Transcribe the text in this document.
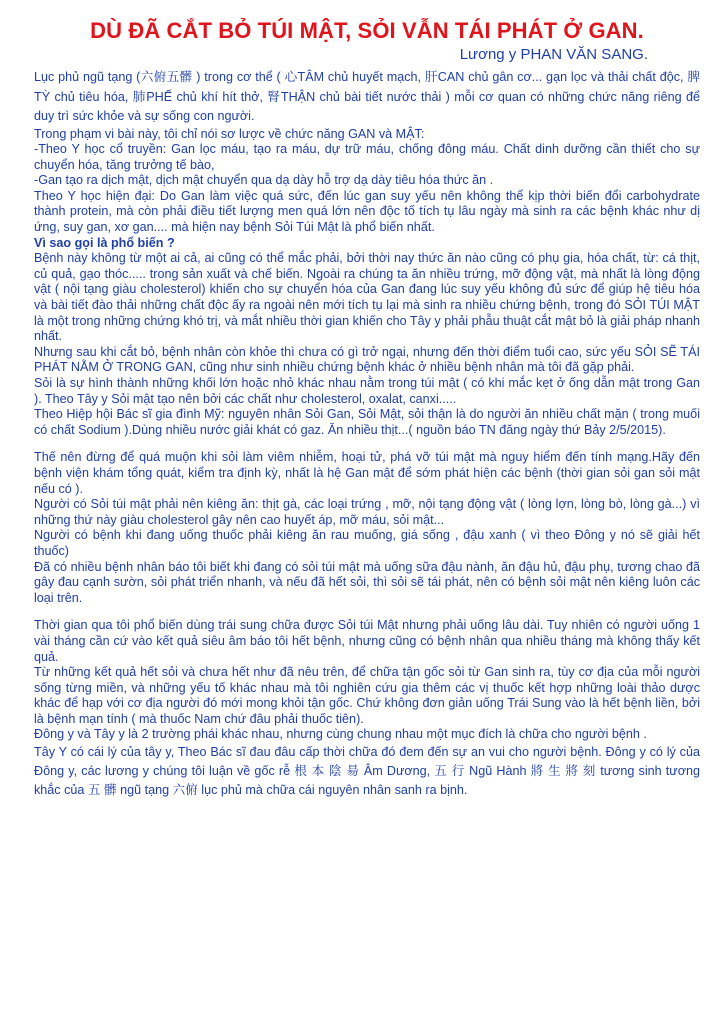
DÙ ĐÃ CẮT BỎ TÚI MẬT, SỎI VẪN TÁI PHÁT Ở GAN.
Lương y PHAN VĂN SANG.

Lục phủ ngũ tạng (六俯五髒 ) trong cơ thể ( 心TÂM chủ huyết mạch, 肝CAN chủ gân cơ... gạn lọc và thải chất độc, 脾TỲ chủ tiêu hóa, 肺PHẾ chủ khí hít thở, 腎THẬN chủ bài tiết nước thải ) mỗi cơ quan có những chức năng riêng để duy trì sức khỏe và sự sống con người.

Trong phạm vi bài này, tôi chỉ nói sơ lược về chức năng GAN và MẬT:

-Theo Y học cổ truyền: Gan lọc máu, tạo ra máu, dự trữ máu, chống đông máu. Chất dinh dưỡng cần thiết cho sự chuyển hóa, tăng trưởng tế bào,

-Gan tạo ra dịch mật, dịch mật chuyển qua dạ dày hỗ trợ dạ dày tiêu hóa thức ăn .

Theo Y học hiện đại: Do Gan làm việc quá sức, đến lúc gan suy yếu nên không thể kịp thời biến đổi carbohydrate thành protein, mà còn phải điều tiết lượng men quá lớn nên độc tố tích tụ lâu ngày mà sinh ra các bệnh khác như dị ứng, suy gan, xơ gan.... mà hiện nay bệnh Sỏi Túi Mật là phổ biến nhất.

Vì sao gọi là phổ biến ?

Bệnh này không từ một ai cả, ai cũng có thể mắc phải, bởi thời nay thức ăn nào cũng có phụ gia, hóa chất, từ: cá thịt, củ quả, gạo thóc..... trong sản xuất và chế biến. Ngoài ra chúng ta ăn nhiều trứng, mỡ động vật, mà nhất là lòng động vật ( nội tạng giàu cholesterol) khiến cho sự chuyển hóa của Gan đang lúc suy yếu không đủ sức để giúp hệ tiêu hóa và bài tiết đào thải những chất độc ấy ra ngoài nên mới tích tụ lại mà sinh ra nhiều chứng bệnh, trong đó SỎI TÚI MẬT là một trong những chứng khó trị, và mắt nhiều thời gian khiến cho Tây y phải phẫu thuật cắt mật bỏ là giải pháp nhanh nhất.

Nhưng sau khi cắt bỏ, bệnh nhân còn khỏe thì chưa có gì trở ngại, nhưng đến thời điểm tuổi cao, sức yếu SỎI SẼ TÁI PHÁT NẰM Ở TRONG GAN, cũng như sinh nhiều chứng bệnh khác ở nhiều bệnh nhân mà tôi đã gặp phải.

Sỏi là sự hình thành những khối lớn hoặc nhỏ khác nhau nằm trong túi mật ( có khi mắc kẹt ở ống dẫn mật trong Gan ). Theo Tây y Sỏi mật tạo nên bởi các chất như cholesterol, oxalat, canxi.....

Theo Hiệp hội Bác sĩ gia đình Mỹ: nguyên nhân Sỏi Gan, Sỏi Mật, sỏi thận là do người ăn nhiều chất mặn ( trong muối có chất Sodium ).Dùng nhiều nước giải khát có gaz. Ăn nhiều thịt...( nguồn báo TN đăng ngày thứ Bảy 2/5/2015).

Thế nên đừng để quá muộn khi sỏi làm viêm nhiễm, hoại tử, phá vỡ túi mật mà nguy hiểm đến tính mạng.Hãy đến bệnh viện khám tổng quát, kiểm tra định kỳ, nhất là hệ Gan mật để sớm phát hiện các bệnh (thời gian sỏi gan sỏi mật nếu có ).

Người có Sỏi túi mật phải nên kiêng ăn: thịt gà, các loại trứng , mỡ, nội tạng động vật ( lòng lợn, lòng bò, lòng gà...) vì những thứ này giàu cholesterol gây nên cao huyết áp, mỡ máu, sỏi mật...

Người có bệnh khi đang uống thuốc phải kiêng ăn rau muống, giá sống , đậu xanh ( vì theo Đông y nó sẽ giải hết thuốc)

Đã có nhiều bệnh nhân báo tôi biết khi đang có sỏi túi mật mà uống sữa đậu nành, ăn đậu hủ, đậu phụ, tương chao đã gây đau cạnh sườn, sỏi phát triển nhanh, và nếu đã hết sỏi, thì sỏi sẽ tái phát, nên có bệnh sỏi mật nên kiêng luôn các loại trên.

Thời gian qua tôi phổ biến dùng trái sung chữa được Sỏi túi Mật nhưng phải uống lâu dài. Tuy nhiên có người uống 1 vài tháng cần cứ vào kết quả siêu âm báo tôi hết bệnh, nhưng cũng có bệnh nhân qua nhiều tháng mà không thấy kết quả.

Từ những kết quả hết sỏi và chưa hết như đã nêu trên, để chữa tận gốc sỏi từ Gan sinh ra, tùy cơ địa của mỗi người sống từng miền, và những yếu tố khác nhau mà tôi nghiên cứu gia thêm các vị thuốc kết hợp những loài thảo dược khác để hạp với cơ địa người đó mới mong khỏi tận gốc. Chứ không đơn giản uống Trái Sung vào là hết bệnh liền, bởi là bệnh mạn tính ( mà thuốc Nam chứ đâu phải thuốc tiên).

Đông y và Tây y là 2 trường phái khác nhau, nhưng cùng chung nhau một mục đích là chữa cho người bệnh .

Tây Y có cái lý của tây y, Theo Bác sĩ đau đâu cấp thời chữa đó đem đến sự an vui cho người bệnh. Đông y có lý của Đông y, các lương y chúng tôi luận về gốc rễ 根 本 陰 昜 Âm Dương, 五 行 Ngũ Hành 將 生 將 刻 tương sinh tương khắc của 五 髒 ngũ tạng 六俯 lục phủ mà chữa cái nguyên nhân sanh ra bịnh.
